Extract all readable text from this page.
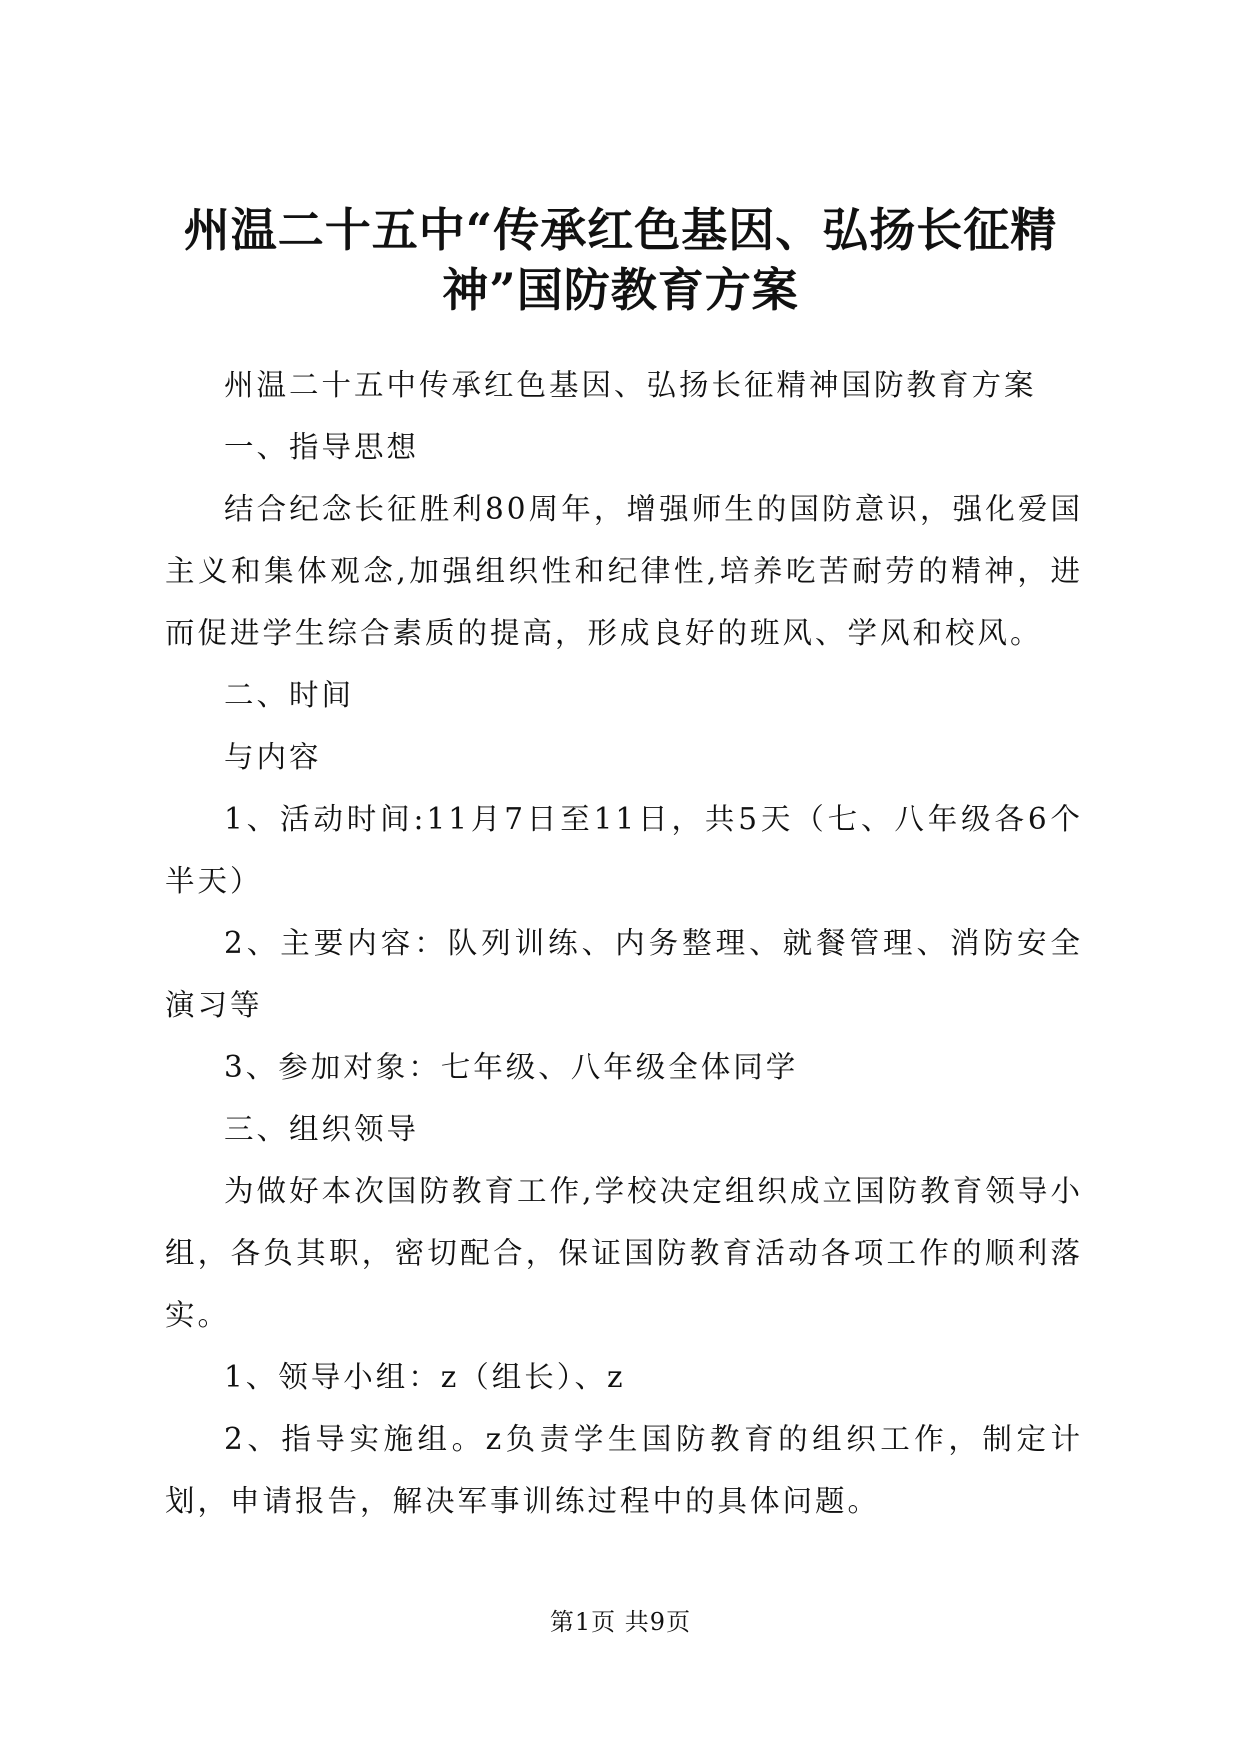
州温二十五中“传承红色基因、弘扬长征精神”国防教育方案

州温二十五中传承红色基因、弘扬长征精神国防教育方案

一、指导思想

结合纪念长征胜利80周年，增强师生的国防意识，强化爱国主义和集体观念,加强组织性和纪律性,培养吃苦耐劳的精神，进而促进学生综合素质的提高，形成良好的班风、学风和校风。

二、时间

与内容

1、活动时间:11月7日至11日，共5天（七、八年级各6个半天）

2、主要内容：队列训练、内务整理、就餐管理、消防安全演习等

3、参加对象：七年级、八年级全体同学

三、组织领导

为做好本次国防教育工作,学校决定组织成立国防教育领导小组，各负其职，密切配合，保证国防教育活动各项工作的顺利落实。

1、领导小组：z（组长）、z

2、指导实施组。z负责学生国防教育的组织工作，制定计划，申请报告，解决军事训练过程中的具体问题。

第1页 共9页
